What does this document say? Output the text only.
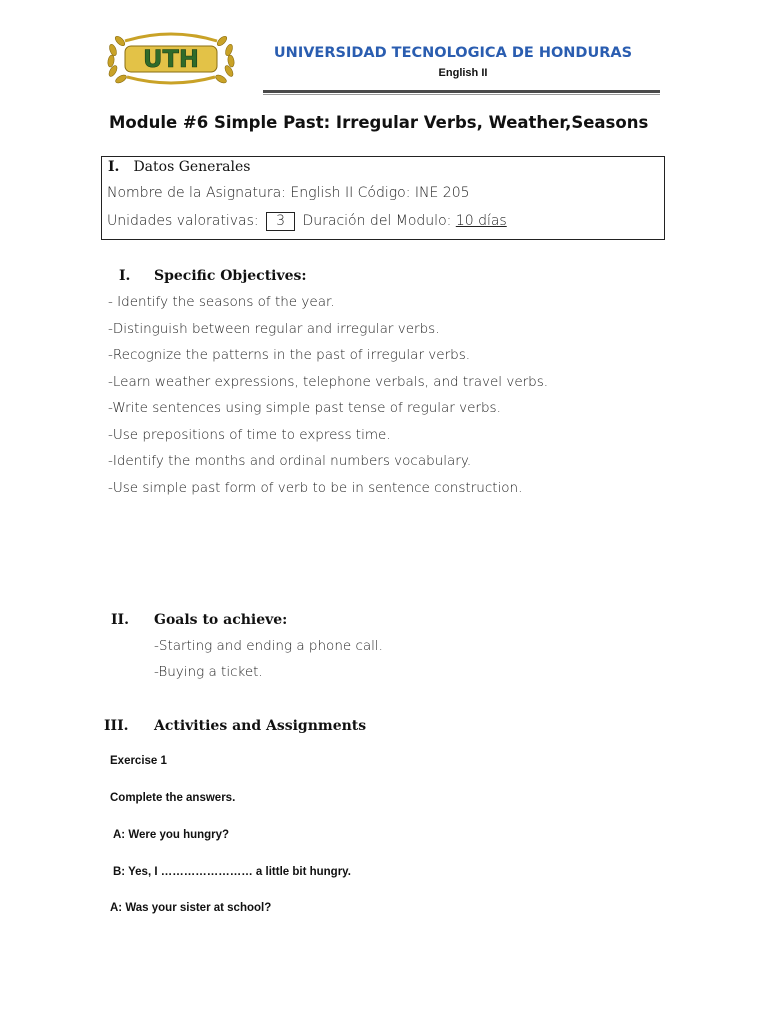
UTH	UNIVERSIDAD TECNOLOGICA DE HONDURAS
English II
Module #6 Simple Past: Irregular Verbs, Weather,Seasons
I. Datos Generales
Nombre de la Asignatura: English II Código: INE 205
Unidades valorativas: 3 Duración del Modulo: 10 días
I. Specific Objectives:
- Identify the seasons of the year.
-Distinguish between regular and irregular verbs.
-Recognize the patterns in the past of irregular verbs.
-Learn weather expressions, telephone verbals, and travel verbs.
-Write sentences using simple past tense of regular verbs.
-Use prepositions of time to express time.
-Identify the months and ordinal numbers vocabulary.
-Use simple past form of verb to be in sentence construction.
II. Goals to achieve:
-Starting and ending a phone call.
-Buying a ticket.
III. Activities and Assignments
Exercise 1
Complete the answers.
A: Were you hungry?
B: Yes, I …………………… a little bit hungry.
A: Was your sister at school?
